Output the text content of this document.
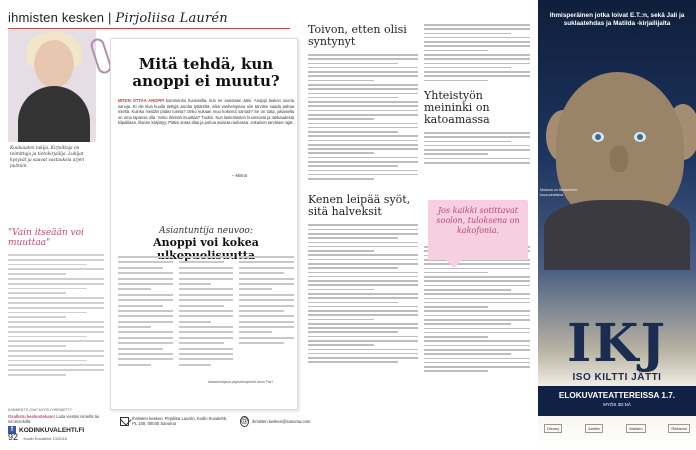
ihmisten kesken | Pirjoliisa Laurén
Kuukauden lukija. Kirjoittaja on toimittaja ja tietokirjailija. Lukijat kysyvät ja saavat vastauksia arjen pulmiin.
Mitä tehdä, kun anoppi ei muutu?
MITEN OTTAA ANOPPI kommentoi huussoilla, kun ne sanotaan ääni. Anoppi laukoo suoria sanoja. Ei ole kiva kuulla tiettyjä asioita tyttäreltä, eikä vanhempana niin tarvitse saada pahaa mieltä. Kuinka meidän pitäisi toimia? Onko kukaan muu kokenut samaa? Se on totta, jokaisella on oma tapansa olla. Voiko ihmistä muuttaa? Tuskin. Kun lastenlasten huomiosta ja rakkaudesta kilpaillaan, tilanne kärjistyy. Pitäisi antaa tilaa ja puhua asiasta rauhassa. Jokainen tarvitsee rajat.
– Minnä
Asiantuntija neuvoo:
Anoppi voi kokea
Asiantuntijana psykoterapeutti Anne Parl
"Vain itseään voi muuttaa"
KOMMENTTI OVAT MYÖS LYHENNETTY
Osallistu keskusteluun! Laita viestisi nimellä tai nimimerkillä.
f KODINKUVALEHTI.FI
Ihmisten kesken, Pirjoliisa Laurén, Kodin Kuvalehti, PL 100, 00040 Sanoma	@ ihmisten.kesken@sanoma.com
92 Kodin Kuvalehti 13/2016
Toivon, etten olisi syntynyt
Kenen leipää syöt, sitä halveksit
Yhteistyön meininki on katoamassa
Jos kaikki sotittavat soolon, tuloksena on kakofonia.
Ihmisperäinen jotka loivat E.T.:n, sekä Jali ja suklaatehdas ja Matilda -kirjailijalta
Mukana on tietokoneen kuva-aineistoa
IKJ
ISO KILTTI JÄTTI
ELOKUVATEATTEREISSA 1.7.
MYÖS 3D:NÄ
Disney	Amblin	Walden	Reliance
